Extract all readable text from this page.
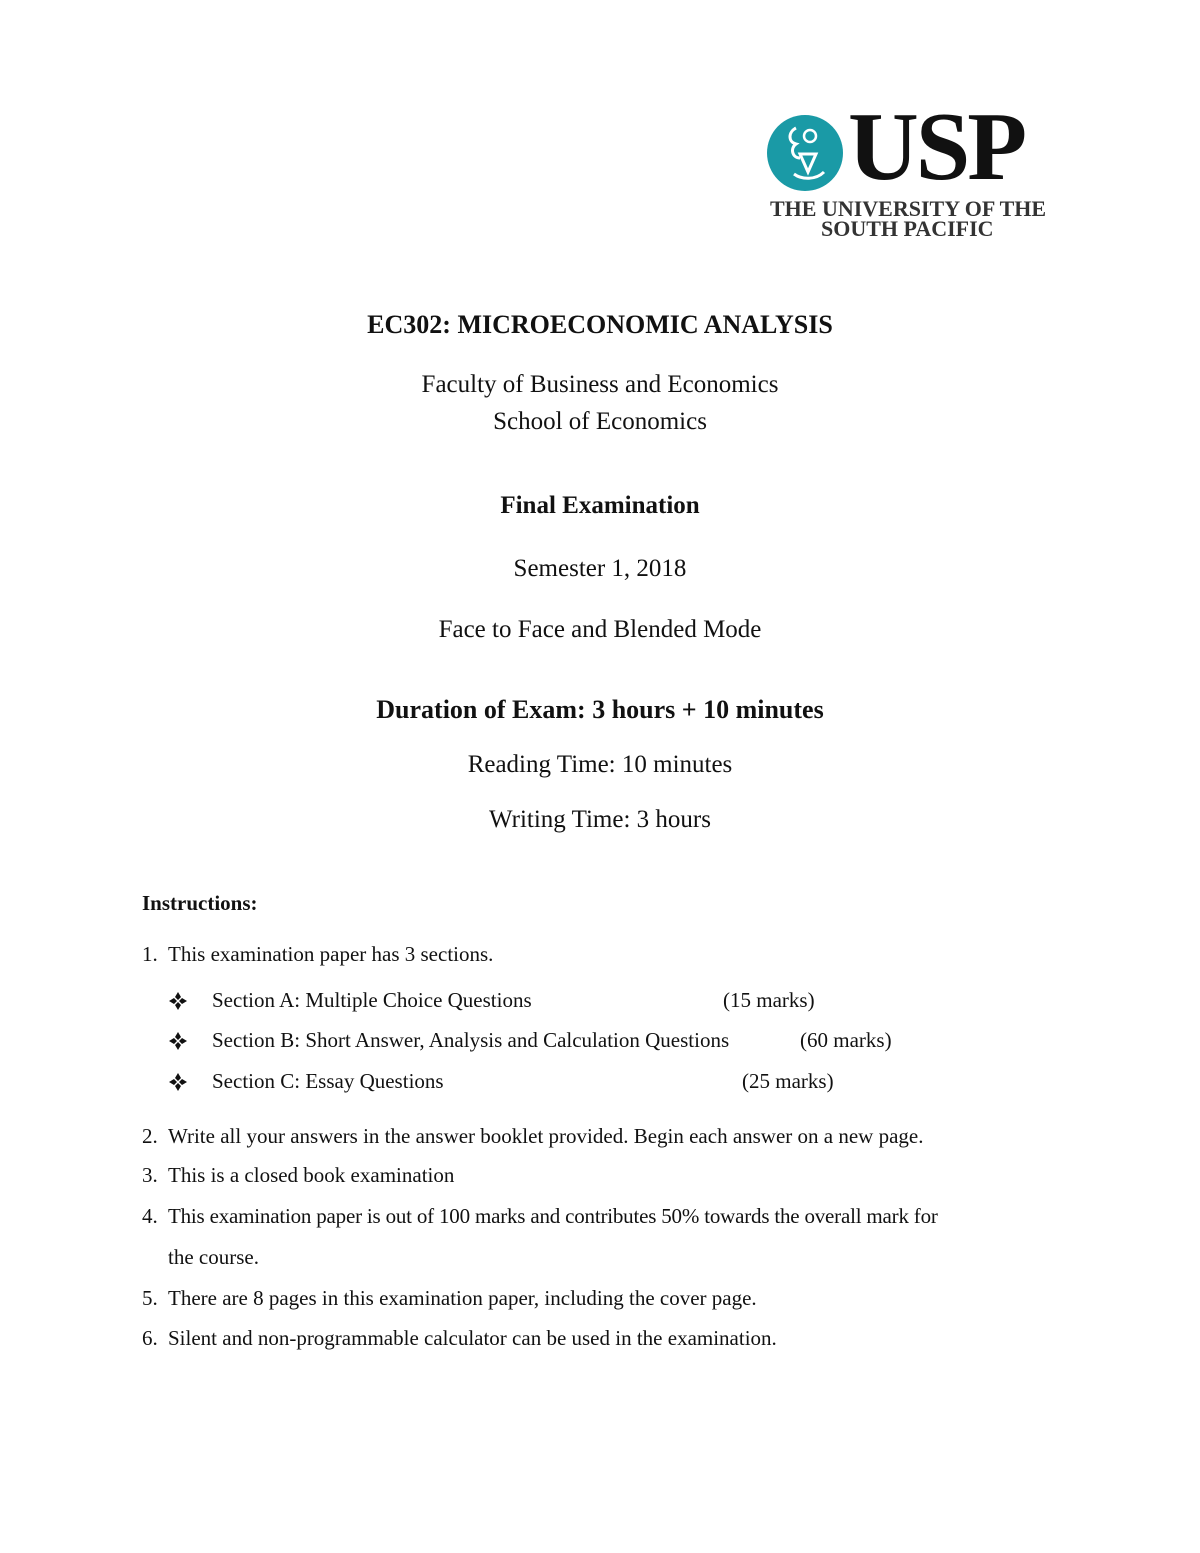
USP
THE UNIVERSITY OF THE
SOUTH PACIFIC
EC302: MICROECONOMIC ANALYSIS
Faculty of Business and Economics
School of Economics
Final Examination
Semester 1, 2018
Face to Face and Blended Mode
Duration of Exam: 3 hours + 10 minutes
Reading Time: 10 minutes
Writing Time: 3 hours
Instructions:
1. This examination paper has 3 sections.
Section A: Multiple Choice Questions	(15 marks)
Section B: Short Answer, Analysis and Calculation Questions	(60 marks)
Section C: Essay Questions	(25 marks)
2. Write all your answers in the answer booklet provided. Begin each answer on a new page.
3. This is a closed book examination
4. This examination paper is out of 100 marks and contributes 50% towards the overall mark for
the course.
5. There are 8 pages in this examination paper, including the cover page.
6. Silent and non-programmable calculator can be used in the examination.
